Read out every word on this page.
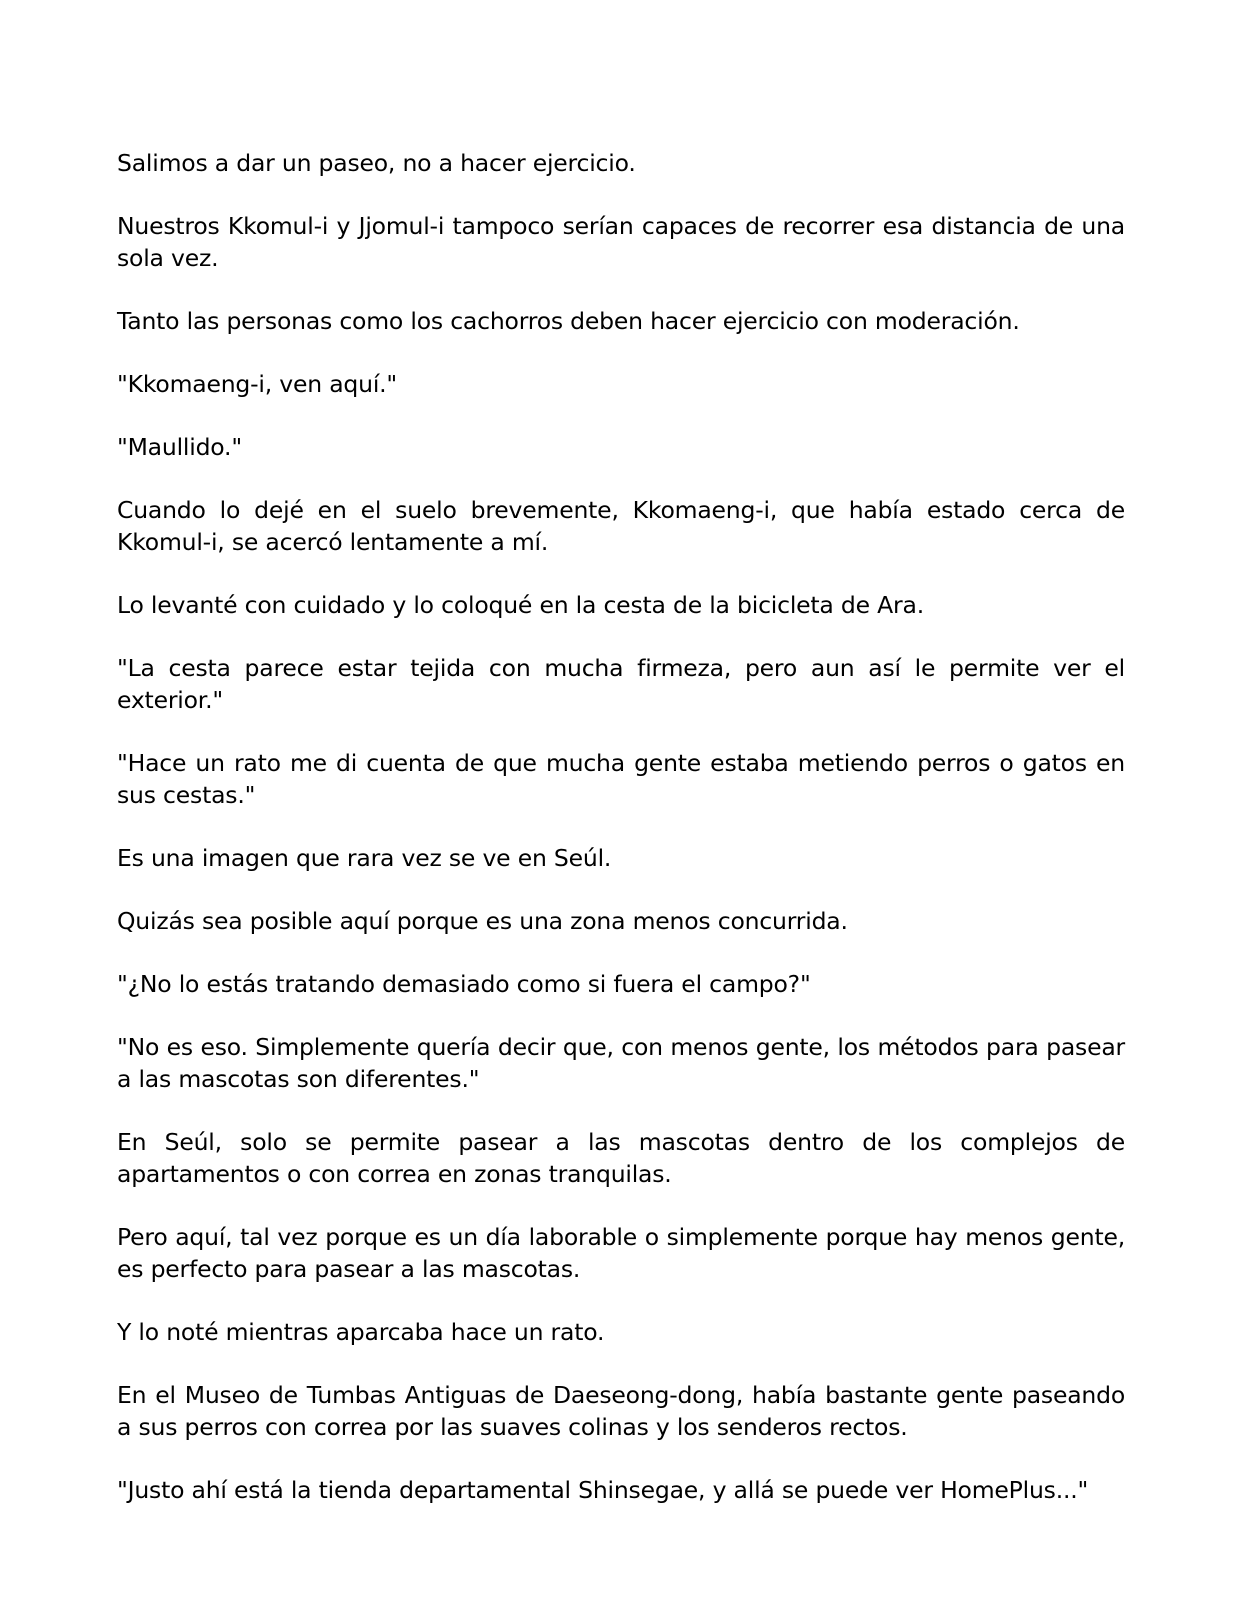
Salimos a dar un paseo, no a hacer ejercicio.

Nuestros Kkomul-i y Jjomul-i tampoco serían capaces de recorrer esa distancia de una sola vez.

Tanto las personas como los cachorros deben hacer ejercicio con moderación.

"Kkomaeng-i, ven aquí."

"Maullido."

Cuando lo dejé en el suelo brevemente, Kkomaeng-i, que había estado cerca de Kkomul-i, se acercó lentamente a mí.

Lo levanté con cuidado y lo coloqué en la cesta de la bicicleta de Ara.

"La cesta parece estar tejida con mucha firmeza, pero aun así le permite ver el exterior."

"Hace un rato me di cuenta de que mucha gente estaba metiendo perros o gatos en sus cestas."

Es una imagen que rara vez se ve en Seúl.

Quizás sea posible aquí porque es una zona menos concurrida.

"¿No lo estás tratando demasiado como si fuera el campo?"

"No es eso. Simplemente quería decir que, con menos gente, los métodos para pasear a las mascotas son diferentes."

En Seúl, solo se permite pasear a las mascotas dentro de los complejos de apartamentos o con correa en zonas tranquilas.

Pero aquí, tal vez porque es un día laborable o simplemente porque hay menos gente, es perfecto para pasear a las mascotas.

Y lo noté mientras aparcaba hace un rato.

En el Museo de Tumbas Antiguas de Daeseong-dong, había bastante gente paseando a sus perros con correa por las suaves colinas y los senderos rectos.

"Justo ahí está la tienda departamental Shinsegae, y allá se puede ver HomePlus..."
